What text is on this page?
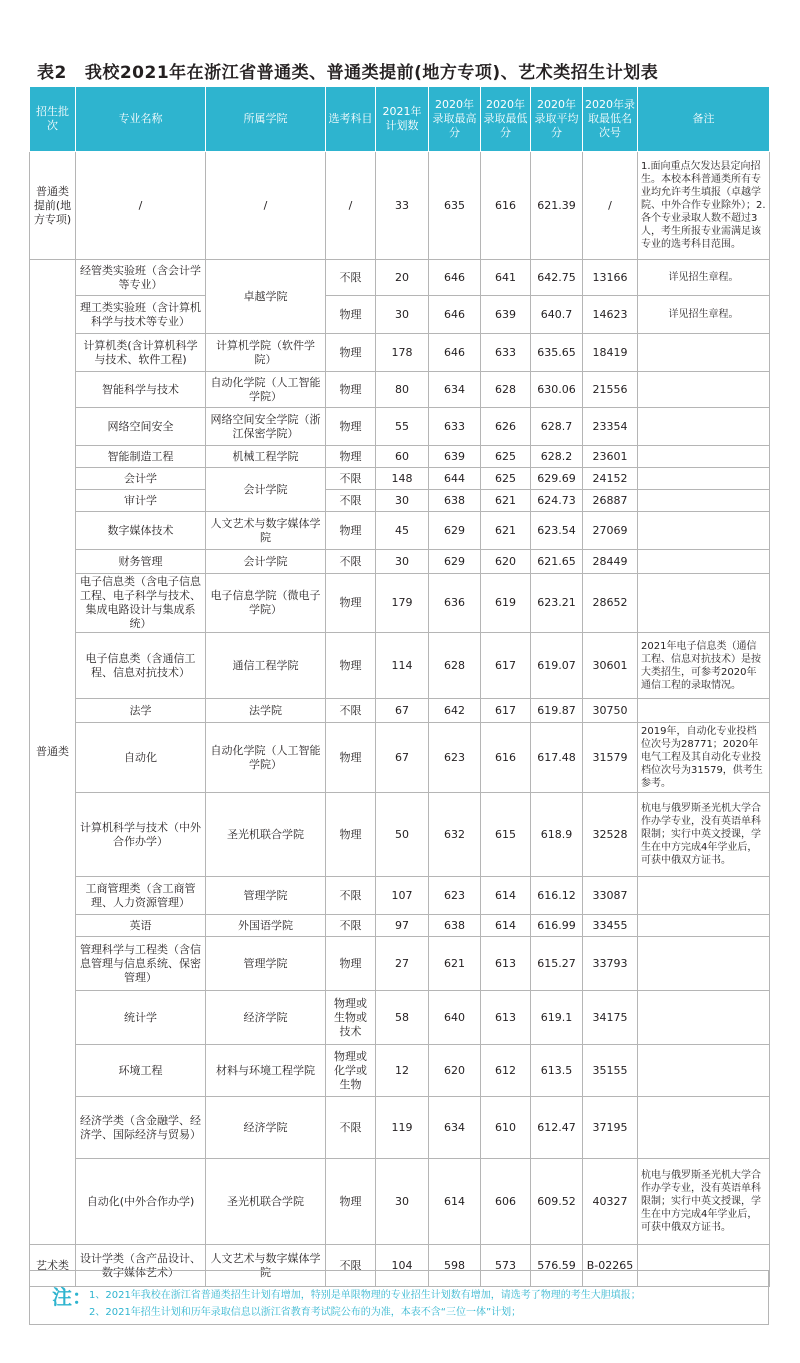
表2 我校2021年在浙江省普通类、普通类提前(地方专项)、艺术类招生计划表
招生批次	专业名称	所属学院	选考科目	2021年计划数	2020年录取最高分	2020年录取最低分	2020年录取平均分	2020年录取最低名次号	备注
普通类提前(地方专项)	/	/	/	33	635	616	621.39	/	1.面向重点欠发达县定向招生。本校本科普通类所有专业均允许考生填报（卓越学院、中外合作专业除外）；2.各个专业录取人数不超过3人，考生所报专业需满足该专业的选考科目范围。
普通类	经管类实验班（含会计学等专业）	卓越学院	不限	20	646	641	642.75	13166	详见招生章程。
	理工类实验班（含计算机科学与技术等专业）		物理	30	646	639	640.7	14623	详见招生章程。
	计算机类(含计算机科学与技术、软件工程)	计算机学院（软件学院）	物理	178	646	633	635.65	18419	
	智能科学与技术	自动化学院（人工智能学院）	物理	80	634	628	630.06	21556	
	网络空间安全	网络空间安全学院（浙江保密学院）	物理	55	633	626	628.7	23354	
	智能制造工程	机械工程学院	物理	60	639	625	628.2	23601	
	会计学	会计学院	不限	148	644	625	629.69	24152	
	审计学		不限	30	638	621	624.73	26887	
	数字媒体技术	人文艺术与数字媒体学院	物理	45	629	621	623.54	27069	
	财务管理	会计学院	不限	30	629	620	621.65	28449	
	电子信息类（含电子信息工程、电子科学与技术、集成电路设计与集成系统）	电子信息学院（微电子学院）	物理	179	636	619	623.21	28652	
	电子信息类（含通信工程、信息对抗技术）	通信工程学院	物理	114	628	617	619.07	30601	2021年电子信息类（通信工程、信息对抗技术）是按大类招生，可参考2020年通信工程的录取情况。
	法学	法学院	不限	67	642	617	619.87	30750	
	自动化	自动化学院（人工智能学院）	物理	67	623	616	617.48	31579	2019年，自动化专业投档位次号为28771；2020年电气工程及其自动化专业投档位次号为31579，供考生参考。
	计算机科学与技术（中外合作办学）	圣光机联合学院	物理	50	632	615	618.9	32528	杭电与俄罗斯圣光机大学合作办学专业，没有英语单科限制；实行中英文授课，学生在中方完成4年学业后，可获中俄双方证书。
	工商管理类（含工商管理、人力资源管理）	管理学院	不限	107	623	614	616.12	33087	
	英语	外国语学院	不限	97	638	614	616.99	33455	
	管理科学与工程类（含信息管理与信息系统、保密管理）	管理学院	物理	27	621	613	615.27	33793	
	统计学	经济学院	物理或生物或技术	58	640	613	619.1	34175	
	环境工程	材料与环境工程学院	物理或化学或生物	12	620	612	613.5	35155	
	经济学类（含金融学、经济学、国际经济与贸易）	经济学院	不限	119	634	610	612.47	37195	
	自动化(中外合作办学)	圣光机联合学院	物理	30	614	606	609.52	40327	杭电与俄罗斯圣光机大学合作办学专业，没有英语单科限制；实行中英文授课，学生在中方完成4年学业后，可获中俄双方证书。
艺术类	设计学类（含产品设计、数字媒体艺术）	人文艺术与数字媒体学院	不限	104	598	573	576.59	B-02265	
注：
1、2021年我校在浙江省普通类招生计划有增加，特别是单限物理的专业招生计划数有增加，请选考了物理的考生大胆填报；
2、2021年招生计划和历年录取信息以浙江省教育考试院公布的为准，本表不含“三位一体”计划；
